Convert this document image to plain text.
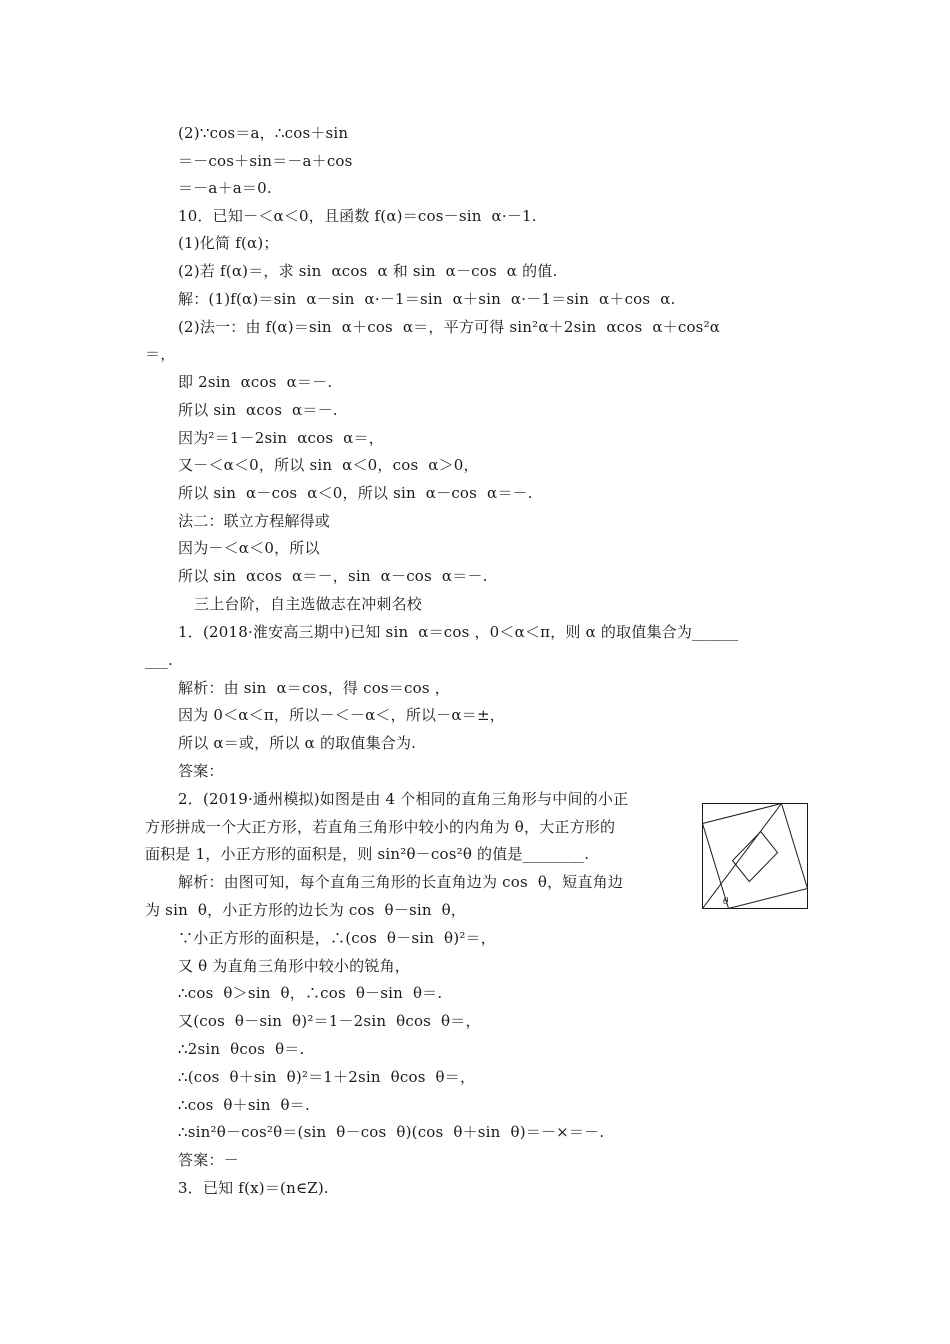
(2)∵cos＝a，∴cos＋sin
＝－cos＋sin＝－a＋cos
＝－a＋a＝0.
10．已知－＜α＜0，且函数 f(α)＝cos－sin  α·－1.
(1)化简 f(α)；
(2)若 f(α)＝，求 sin  αcos  α 和 sin  α－cos  α 的值.
解：(1)f(α)＝sin  α－sin  α·－1＝sin  α＋sin  α·－1＝sin  α＋cos  α.
(2)法一：由 f(α)＝sin  α＋cos  α＝，平方可得 sin²α＋2sin  αcos  α＋cos²α
＝，
即 2sin  αcos  α＝－.
所以 sin  αcos  α＝－.
因为²＝1－2sin  αcos  α＝，
又－＜α＜0，所以 sin  α＜0，cos  α＞0，
所以 sin  α－cos  α＜0，所以 sin  α－cos  α＝－.
法二：联立方程解得或
因为－＜α＜0，所以
所以 sin  αcos  α＝－，sin  α－cos  α＝－.
三上台阶，自主选做志在冲刺名校
1．(2018·淮安高三期中)已知 sin  α＝cos ，0＜α＜π，则 α 的取值集合为______
___.
解析：由 sin  α＝cos，得 cos＝cos ，
因为 0＜α＜π，所以－＜－α＜，所以－α＝±，
所以 α＝或，所以 α 的取值集合为.
答案：
2．(2019·通州模拟)如图是由 4 个相同的直角三角形与中间的小正
方形拼成一个大正方形，若直角三角形中较小的内角为 θ，大正方形的
面积是 1，小正方形的面积是，则 sin²θ－cos²θ 的值是________.
解析：由图可知，每个直角三角形的长直角边为 cos  θ，短直角边
为 sin  θ，小正方形的边长为 cos  θ－sin  θ，
∵小正方形的面积是，∴(cos  θ－sin  θ)²＝，
又 θ 为直角三角形中较小的锐角，
∴cos  θ＞sin  θ，∴cos  θ－sin  θ＝.
又(cos  θ－sin  θ)²＝1－2sin  θcos  θ＝，
∴2sin  θcos  θ＝.
∴(cos  θ＋sin  θ)²＝1＋2sin  θcos  θ＝，
∴cos  θ＋sin  θ＝.
∴sin²θ－cos²θ＝(sin  θ－cos  θ)(cos  θ＋sin  θ)＝－×＝－.
答案：－
3．已知 f(x)＝(n∈Z).
θ
